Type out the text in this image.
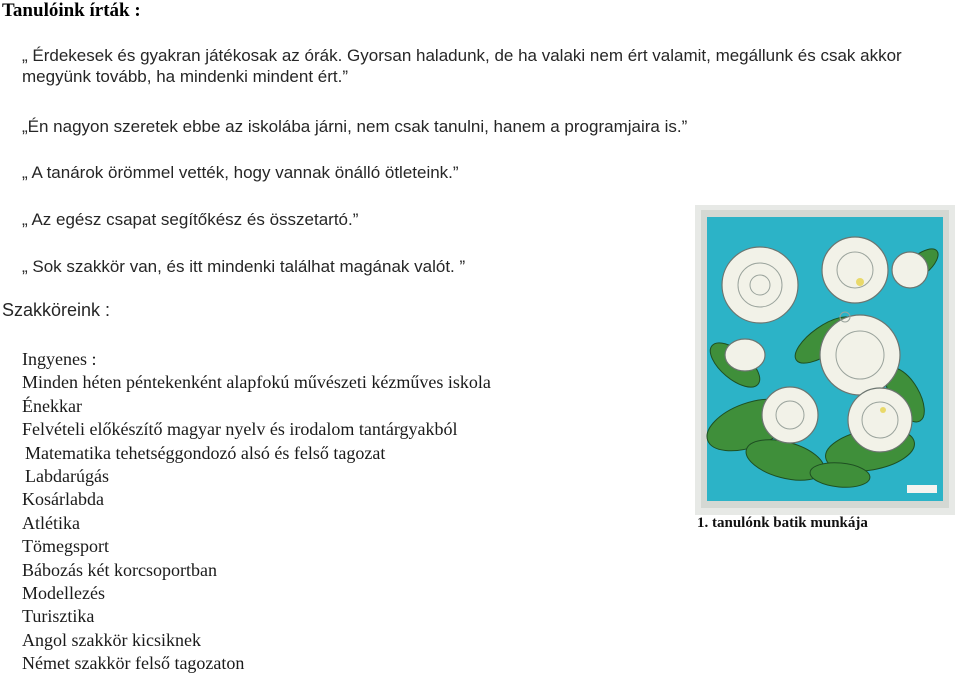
Tanulóink írták :
„ Érdekesek és gyakran játékosak az órák. Gyorsan haladunk, de ha valaki nem ért valamit, megállunk és csak akkor megyünk tovább, ha mindenki mindent ért.”
„Én nagyon szeretek ebbe az iskolába járni, nem csak tanulni, hanem a programjaira is.”
„ A tanárok örömmel vették, hogy vannak önálló ötleteink.”
„ Az egész csapat segítőkész és összetartó.”
„ Sok szakkör van, és itt mindenki találhat magának valót. ”
Szakköreink :
Ingyenes :
Minden héten péntekenként alapfokú művészeti kézműves iskola
Énekkar
Felvételi előkészítő magyar nyelv és irodalom tantárgyakból
Matematika tehetséggondozó alsó és felső tagozat
Labdarúgás
Kosárlabda
Atlétika
Tömegsport
Bábozás két korcsoportban
Modellezés
Turisztika
Angol szakkör kicsiknek
Német szakkör felső tagozaton
1. tanulónk batik munkája
